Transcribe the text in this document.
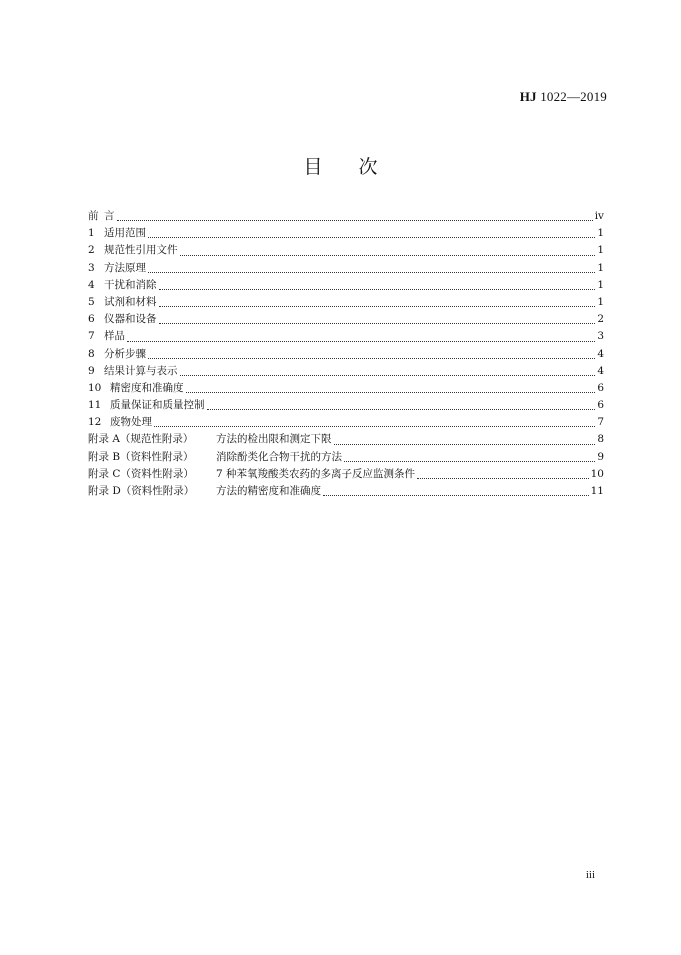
HJ 1022—2019
目 次
前 言	iv
1 适用范围	1
2 规范性引用文件	1
3 方法原理	1
4 干扰和消除	1
5 试剂和材料	1
6 仪器和设备	2
7 样品	3
8 分析步骤	4
9 结果计算与表示	4
10 精密度和准确度	6
11 质量保证和质量控制	6
12 废物处理	7
附录 A（规范性附录）	方法的检出限和测定下限	8
附录 B（资料性附录）	消除酚类化合物干扰的方法	9
附录 C（资料性附录）	7 种苯氧羧酸类农药的多离子反应监测条件	10
附录 D（资料性附录）	方法的精密度和准确度	11
iii
